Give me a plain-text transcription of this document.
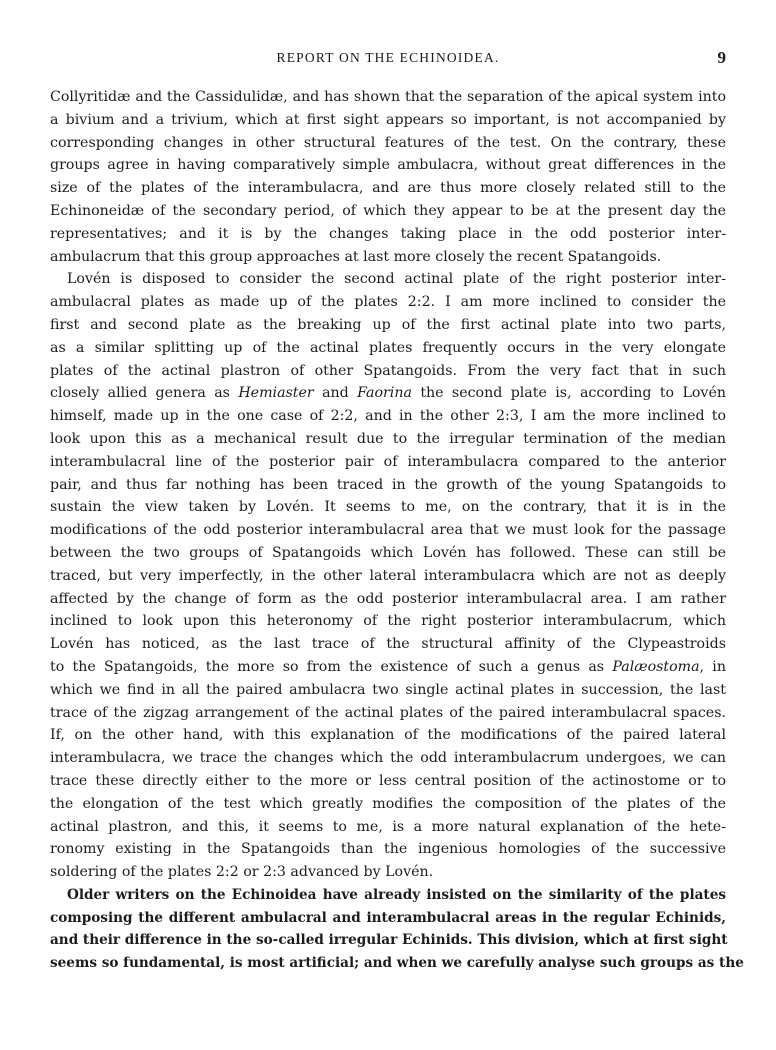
REPORT ON THE ECHINOIDEA.	9
Collyritidæ and the Cassidulidæ, and has shown that the separation of the apical system into
a bivium and a trivium, which at first sight appears so important, is not accompanied by
corresponding changes in other structural features of the test. On the contrary, these
groups agree in having comparatively simple ambulacra, without great differences in the
size of the plates of the interambulacra, and are thus more closely related still to the
Echinoneidæ of the secondary period, of which they appear to be at the present day the
representatives; and it is by the changes taking place in the odd posterior inter-
ambulacrum that this group approaches at last more closely the recent Spatangoids.
Lovén is disposed to consider the second actinal plate of the right posterior inter-
ambulacral plates as made up of the plates 2:2. I am more inclined to consider the
first and second plate as the breaking up of the first actinal plate into two parts,
as a similar splitting up of the actinal plates frequently occurs in the very elongate
plates of the actinal plastron of other Spatangoids. From the very fact that in such
closely allied genera as Hemiaster and Faorina the second plate is, according to Lovén
himself, made up in the one case of 2:2, and in the other 2:3, I am the more inclined to
look upon this as a mechanical result due to the irregular termination of the median
interambulacral line of the posterior pair of interambulacra compared to the anterior
pair, and thus far nothing has been traced in the growth of the young Spatangoids to
sustain the view taken by Lovén. It seems to me, on the contrary, that it is in the
modifications of the odd posterior interambulacral area that we must look for the passage
between the two groups of Spatangoids which Lovén has followed. These can still be
traced, but very imperfectly, in the other lateral interambulacra which are not as deeply
affected by the change of form as the odd posterior interambulacral area. I am rather
inclined to look upon this heteronomy of the right posterior interambulacrum, which
Lovén has noticed, as the last trace of the structural affinity of the Clypeastroids
to the Spatangoids, the more so from the existence of such a genus as Palæostoma, in
which we find in all the paired ambulacra two single actinal plates in succession, the last
trace of the zigzag arrangement of the actinal plates of the paired interambulacral spaces.
If, on the other hand, with this explanation of the modifications of the paired lateral
interambulacra, we trace the changes which the odd interambulacrum undergoes, we can
trace these directly either to the more or less central position of the actinostome or to
the elongation of the test which greatly modifies the composition of the plates of the
actinal plastron, and this, it seems to me, is a more natural explanation of the hete-
ronomy existing in the Spatangoids than the ingenious homologies of the successive
soldering of the plates 2:2 or 2:3 advanced by Lovén.
Older writers on the Echinoidea have already insisted on the similarity of the plates
composing the different ambulacral and interambulacral areas in the regular Echinids,
and their difference in the so-called irregular Echinids. This division, which at first sight
seems so fundamental, is most artificial; and when we carefully analyse such groups as the
